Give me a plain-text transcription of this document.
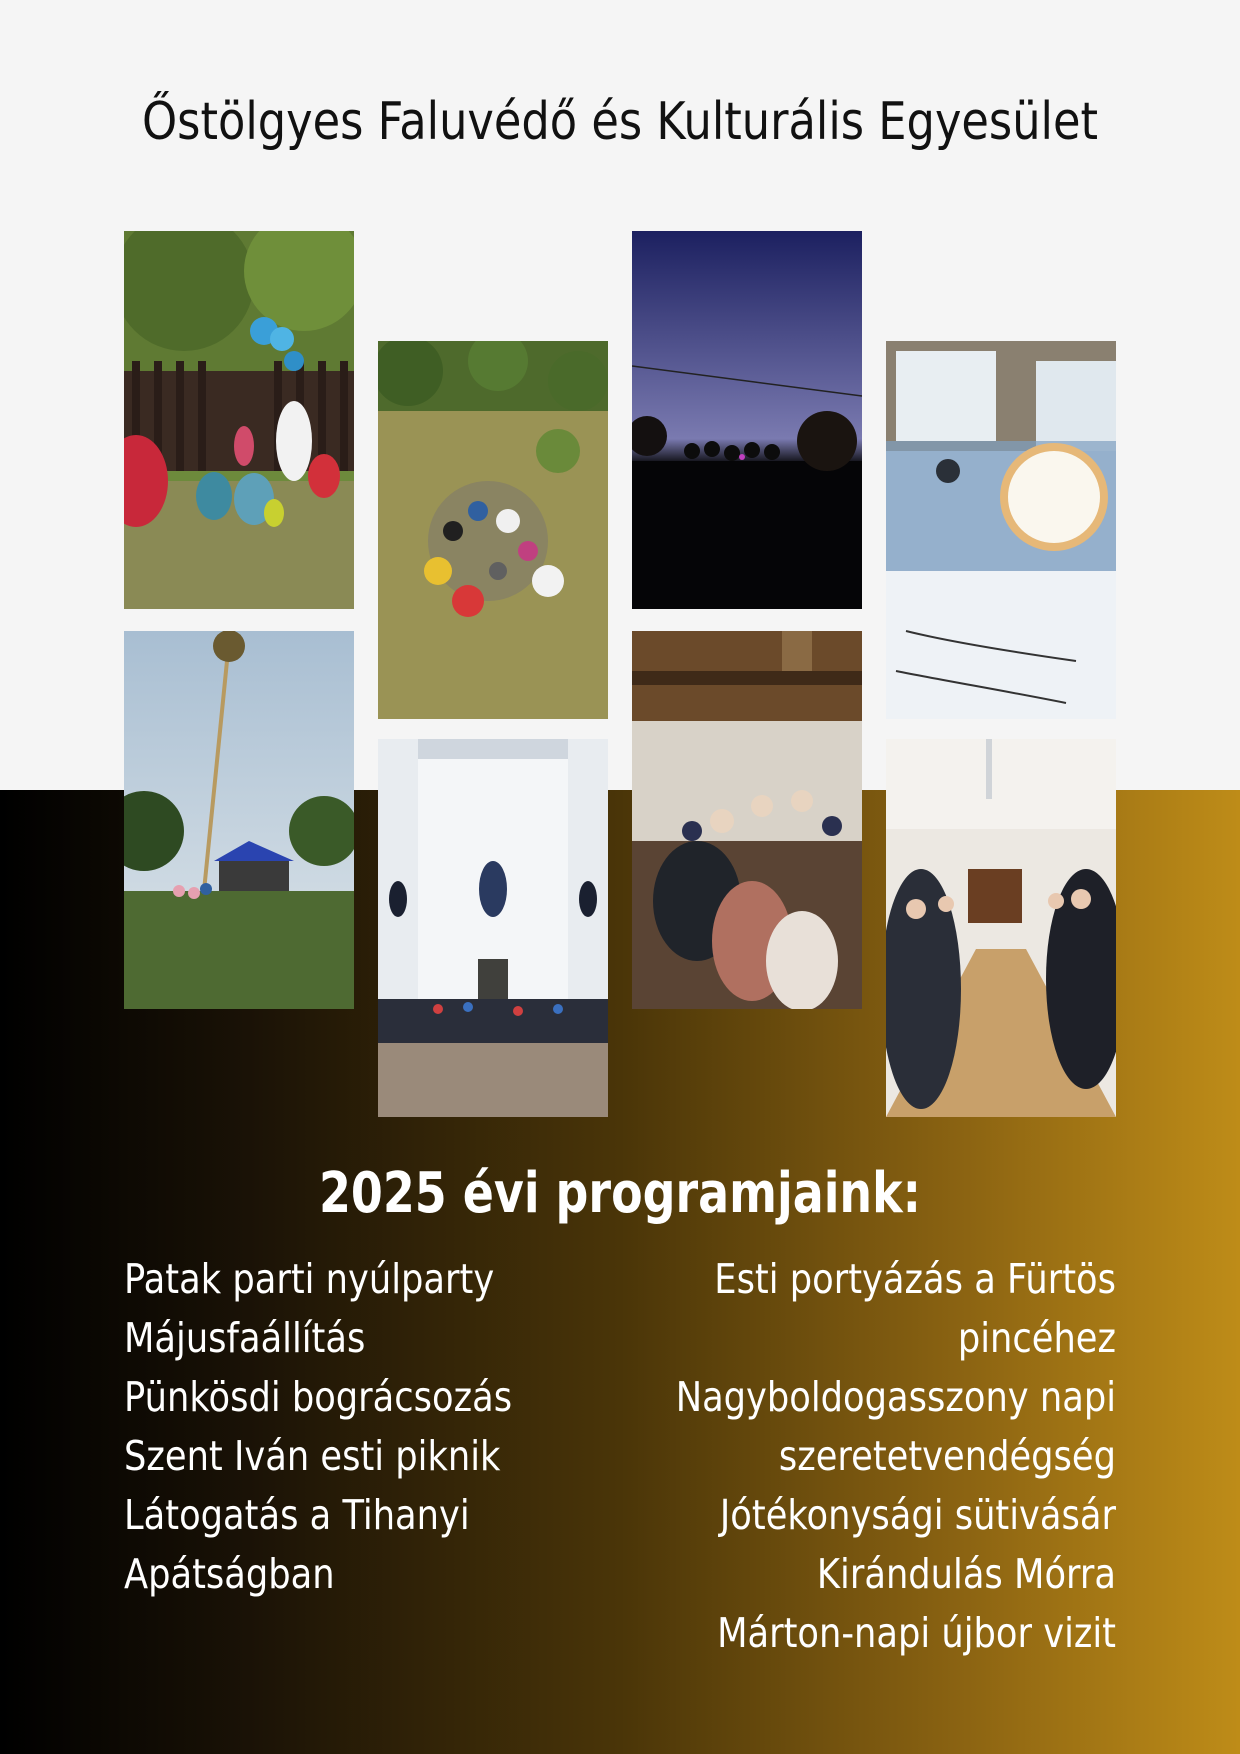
Őstölgyes Faluvédő és Kulturális Egyesület
2025 évi programjaink:
Patak parti nyúlparty
Májusfaállítás
Pünkösdi bográcsozás
Szent Iván esti piknik
Látogatás a Tihanyi
Apátságban
Esti portyázás a Fürtös
pincéhez
Nagyboldogasszony napi
szeretetvendégség
Jótékonysági sütivásár
Kirándulás Mórra
Márton-napi újbor vizit
